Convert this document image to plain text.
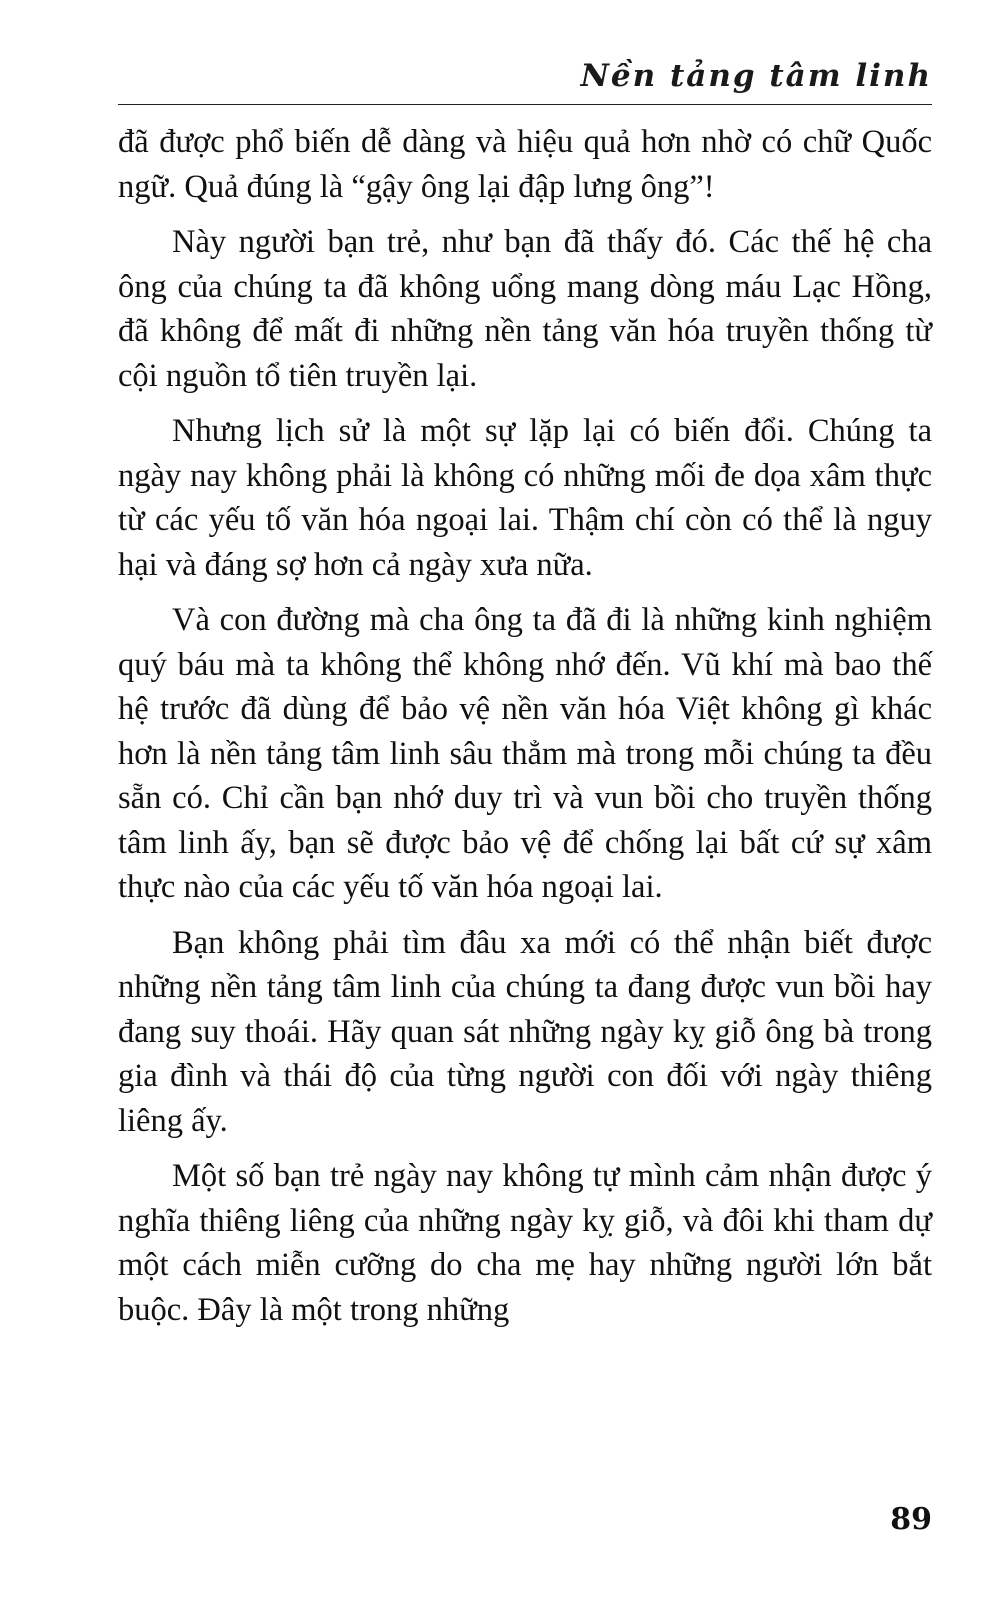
Nền tảng tâm linh

đã được phổ biến dễ dàng và hiệu quả hơn nhờ có chữ Quốc ngữ. Quả đúng là “gậy ông lại đập lưng ông”!

Này người bạn trẻ, như bạn đã thấy đó. Các thế hệ cha ông của chúng ta đã không uổng mang dòng máu Lạc Hồng, đã không để mất đi những nền tảng văn hóa truyền thống từ cội nguồn tổ tiên truyền lại.

Nhưng lịch sử là một sự lặp lại có biến đổi. Chúng ta ngày nay không phải là không có những mối đe dọa xâm thực từ các yếu tố văn hóa ngoại lai. Thậm chí còn có thể là nguy hại và đáng sợ hơn cả ngày xưa nữa.

Và con đường mà cha ông ta đã đi là những kinh nghiệm quý báu mà ta không thể không nhớ đến. Vũ khí mà bao thế hệ trước đã dùng để bảo vệ nền văn hóa Việt không gì khác hơn là nền tảng tâm linh sâu thẳm mà trong mỗi chúng ta đều sẵn có. Chỉ cần bạn nhớ duy trì và vun bồi cho truyền thống tâm linh ấy, bạn sẽ được bảo vệ để chống lại bất cứ sự xâm thực nào của các yếu tố văn hóa ngoại lai.

Bạn không phải tìm đâu xa mới có thể nhận biết được những nền tảng tâm linh của chúng ta đang được vun bồi hay đang suy thoái. Hãy quan sát những ngày kỵ giỗ ông bà trong gia đình và thái độ của từng người con đối với ngày thiêng liêng ấy.

Một số bạn trẻ ngày nay không tự mình cảm nhận được ý nghĩa thiêng liêng của những ngày kỵ giỗ, và đôi khi tham dự một cách miễn cưỡng do cha mẹ hay những người lớn bắt buộc. Đây là một trong những

89
